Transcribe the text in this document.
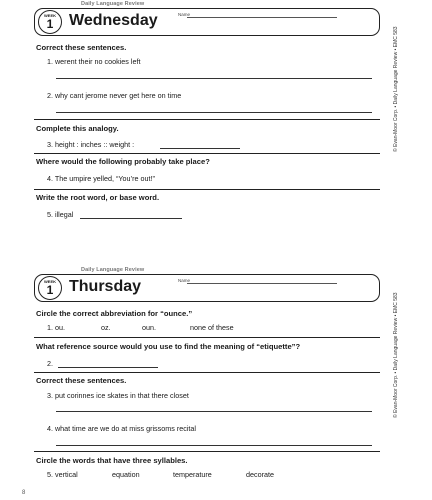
Daily Language Review
WEEK
1 Wednesday	Name
Correct these sentences.
1. werent their no cookies left
2. why cant jerome never get here on time
Complete this analogy.
3. height : inches :: weight :
Where would the following probably take place?
4. The umpire yelled, “You’re out!”
Write the root word, or base word.
5. illegal
© Evan-Moor Corp. • Daily Language Review • EMC 583
Daily Language Review
WEEK
1 Thursday	Name
Circle the correct abbreviation for “ounce.”
1. ou.	oz.	oun.	none of these
What reference source would you use to find the meaning of “etiquette”?
2.
Correct these sentences.
3. put corinnes ice skates in that there closet
4. what time are we do at miss grissoms recital
Circle the words that have three syllables.
5. vertical	equation	temperature	decorate
© Evan-Moor Corp. • Daily Language Review • EMC 583
8
